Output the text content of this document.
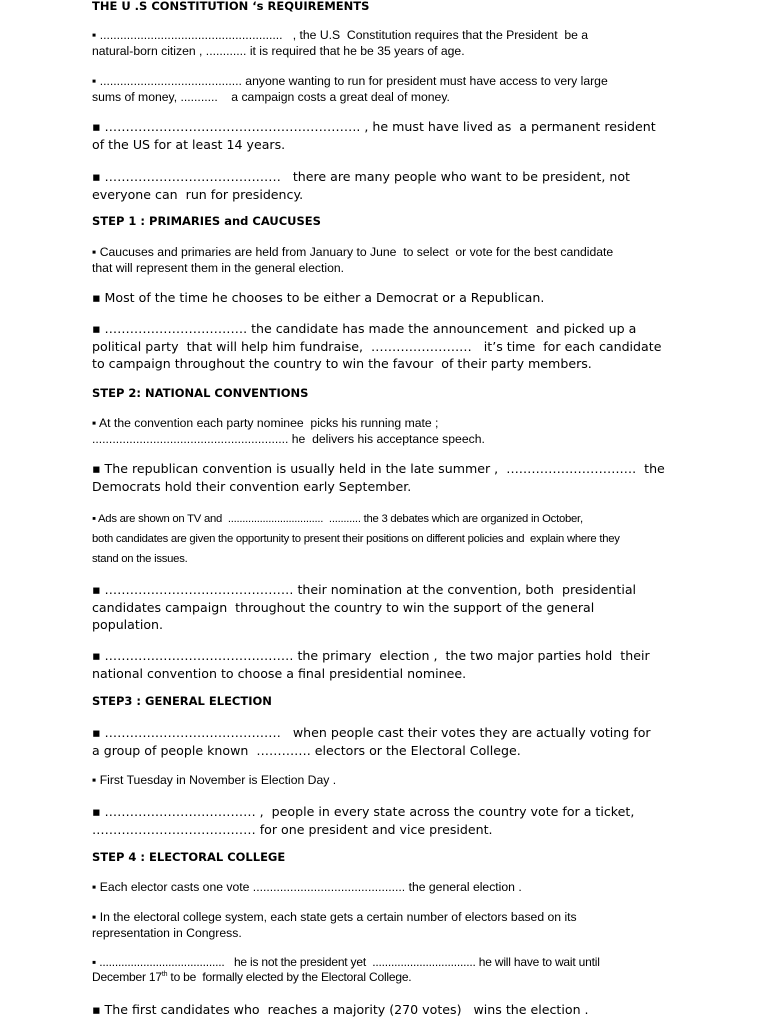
THE U .S CONSTITUTION ‘s REQUIREMENTS

▪ ......................................................   , the U.S  Constitution requires that the President  be a
natural-born citizen , ............ it is required that he be 35 years of age.

▪ .......................................... anyone wanting to run for president must have access to very large
sums of money, ...........    a campaign costs a great deal of money.

▪ ……………………………………………………. , he must have lived as  a permanent resident
of the US for at least 14 years.

▪ ……………………………………   there are many people who want to be president, not
everyone can  run for presidency.

STEP 1 : PRIMARIES and CAUCUSES

▪ Caucuses and primaries are held from January to June  to select  or vote for the best candidate
that will represent them in the general election.

▪ Most of the time he chooses to be either a Democrat or a Republican.

▪ ……………………………. the candidate has made the announcement  and picked up a
political party  that will help him fundraise,  ……………………   it’s time  for each candidate
to campaign throughout the country to win the favour  of their party members.

STEP 2: NATIONAL CONVENTIONS

▪ At the convention each party nominee  picks his running mate ;
.......................................................... he  delivers his acceptance speech.

▪ The republican convention is usually held in the late summer ,  ………………………….  the
Democrats hold their convention early September.

▪ Ads are shown on TV and  .................................  ........... the 3 debates which are organized in October,
both candidates are given the opportunity to present their positions on different policies and  explain where they
stand on the issues.

▪ ……………………………………… their nomination at the convention, both  presidential
candidates campaign  throughout the country to win the support of the general
population.

▪ ……………………………………… the primary  election ,  the two major parties hold  their
national convention to choose a final presidential nominee.

STEP3 : GENERAL ELECTION

▪ ……………………………………   when people cast their votes they are actually voting for
a group of people known  …………. electors or the Electoral College.

▪ First Tuesday in November is Election Day .

▪ ……………………………… ,  people in every state across the country vote for a ticket,
………………………………… for one president and vice president.

STEP 4 : ELECTORAL COLLEGE

▪ Each elector casts one vote ............................................. the general election .

▪ In the electoral college system, each state gets a certain number of electors based on its
representation in Congress.

▪ ........................................   he is not the president yet  ................................. he will have to wait until
December 17th to be  formally elected by the Electoral College.

▪ The first candidates who  reaches a majority (270 votes)   wins the election .
